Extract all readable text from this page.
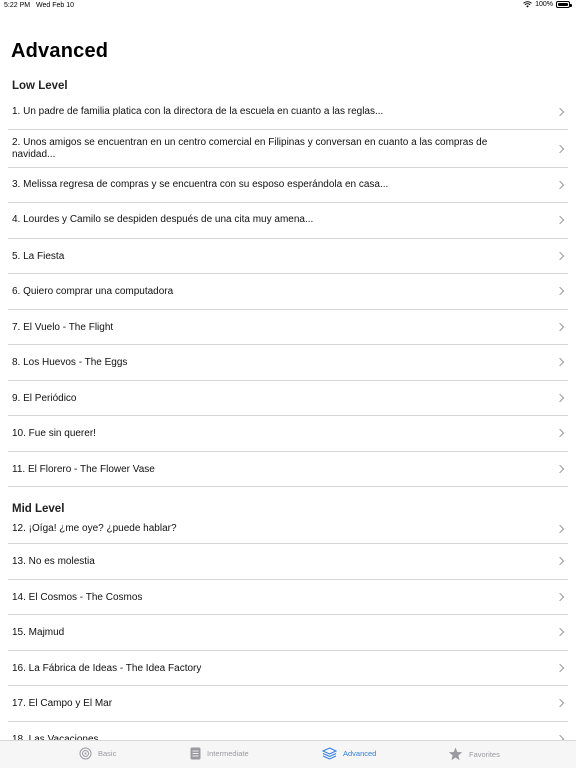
5:22 PM Wed Feb 10	100%
Advanced
Low Level
1. Un padre de familia platica con la directora de la escuela en cuanto a las reglas...
2. Unos amigos se encuentran en un centro comercial en Filipinas y conversan en cuanto a las compras de navidad...
3. Melissa regresa de compras y se encuentra con su esposo esperándola en casa...
4. Lourdes y Camilo se despiden después de una cita muy amena...
5. La Fiesta
6. Quiero comprar una computadora
7. El Vuelo - The Flight
8. Los Huevos - The Eggs
9. El Periódico
10. Fue sin querer!
11. El Florero - The Flower Vase
Mid Level
12. ¡Oíga! ¿me oye? ¿puede hablar?
13. No es molestia
14. El Cosmos - The Cosmos
15. Majmud
16. La Fábrica de Ideas - The Idea Factory
17. El Campo y El Mar
Basic	Intermediate	Advanced	Favorites
